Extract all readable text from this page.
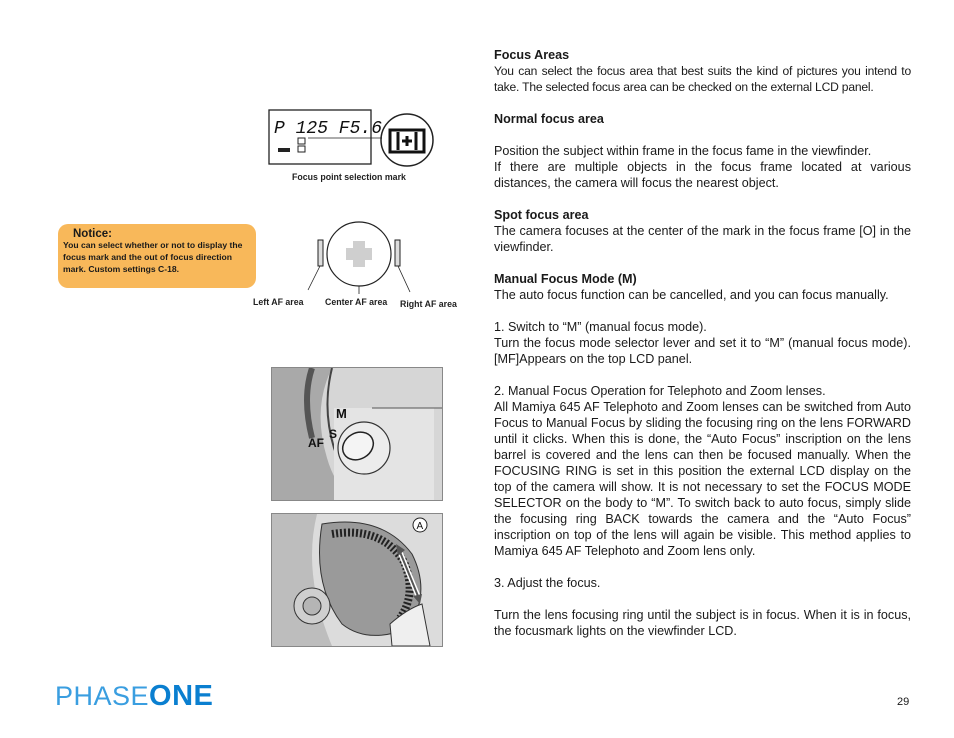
P 125 F5.6
Focus point selection mark
Notice:
You can select whether or not to display the focus mark and the out of focus direction mark. Custom settings C-18.
Left AF area Center AF area Right AF area
M
S
AF
A

Focus Areas

You can select the focus area that best suits the kind of pictures you intend to take. The selected focus area can be checked on the external LCD panel.

Normal focus area

Position the subject within frame in the focus fame in the viewfinder.

If there are multiple objects in the focus frame located at various distances, the camera will focus the nearest object.

Spot focus area

The camera focuses at the center of the mark in the focus frame [O] in the viewfinder.

Manual Focus Mode (M)

The auto focus function can be cancelled, and you can focus manually.

1. Switch to “M” (manual focus mode).

Turn the focus mode selector lever and set it to “M” (manual focus mode). [MF]Appears on the top LCD panel.

2. Manual Focus Operation for Telephoto and Zoom lenses.

All Mamiya 645 AF Telephoto and Zoom lenses can be switched from Auto Focus to Manual Focus by sliding the focusing ring on the lens FORWARD until it clicks. When this is done, the “Auto Focus” inscription on the lens barrel is covered and the lens can then be focused manually. When the FOCUSING RING is set in this position the external LCD display on the top of the camera will show. It is not necessary to set the FOCUS MODE SELECTOR on the body to “M”. To switch back to auto focus, simply slide the focusing ring BACK towards the camera and the “Auto Focus” inscription on top of the lens will again be visible. This method applies to Mamiya 645 AF Telephoto and Zoom lens only.

3. Adjust the focus.

Turn the lens focusing ring until the subject is in focus. When it is in focus, the focusmark lights on the viewfinder LCD.

PHASEONE	29
